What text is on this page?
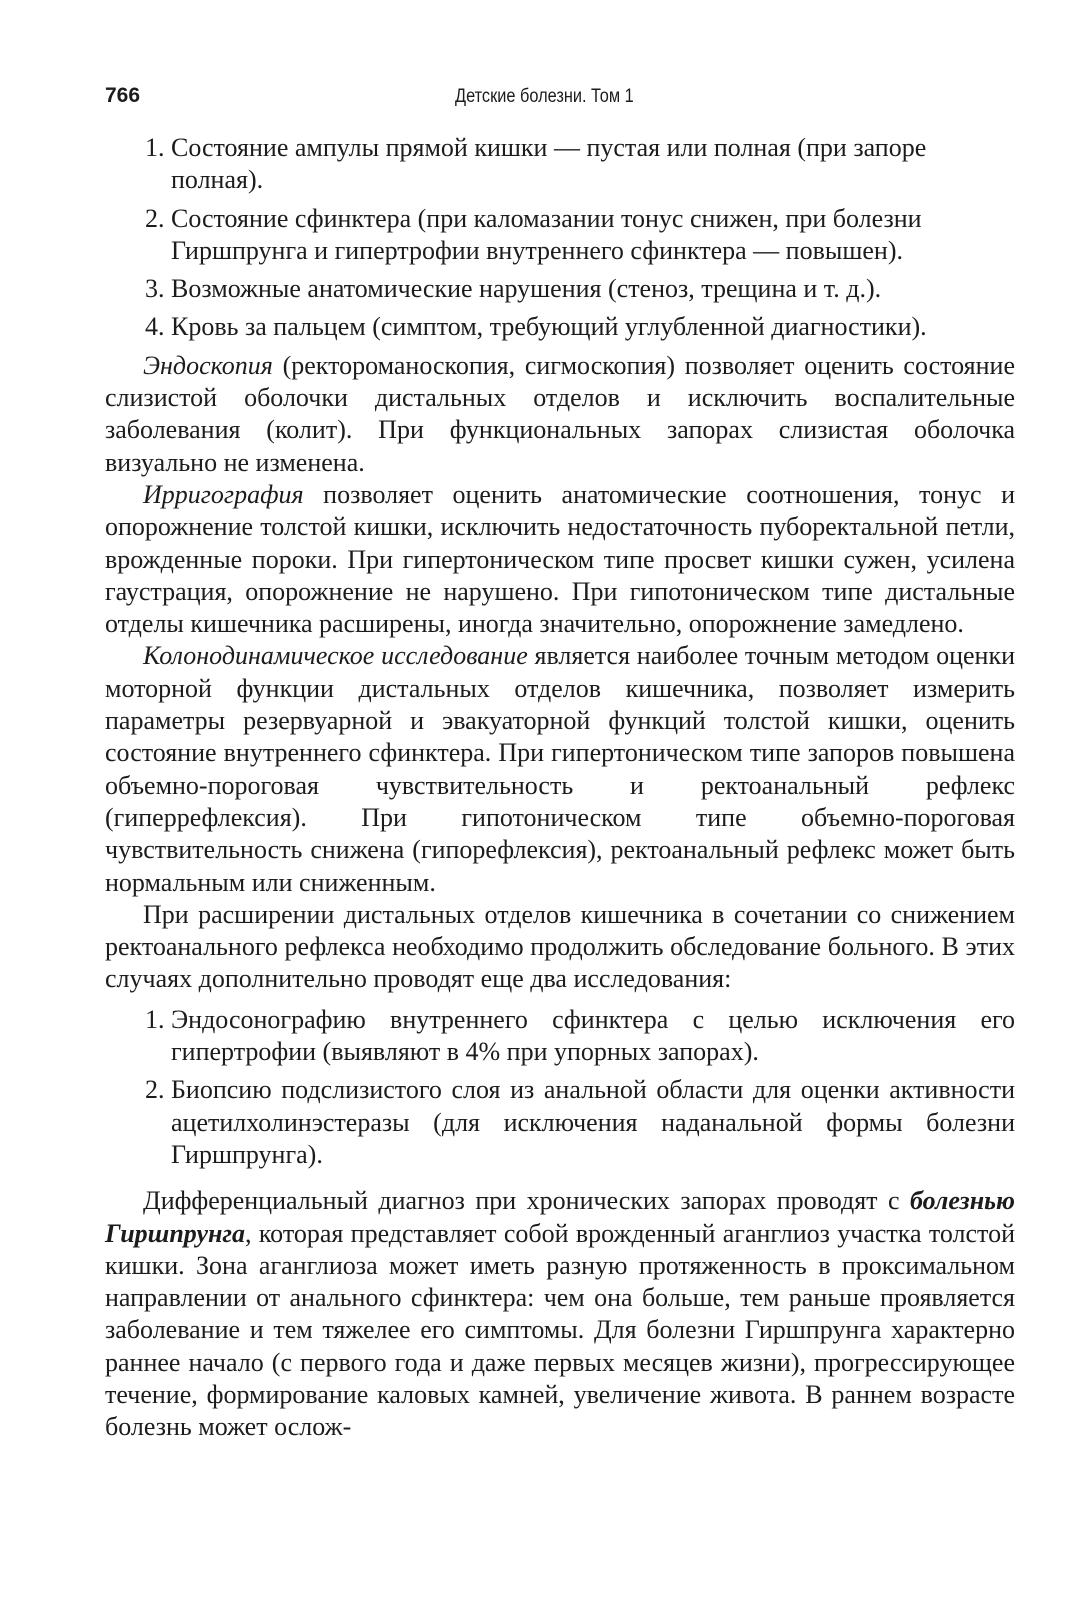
766	Детские болезни. Том 1
1. Состояние ампулы прямой кишки — пустая или полная (при запоре полная).
2. Состояние сфинктера (при каломазании тонус снижен, при болезни Гиршпрунга и гипертрофии внутреннего сфинктера — повышен).
3. Возможные анатомические нарушения (стеноз, трещина и т. д.).
4. Кровь за пальцем (симптом, требующий углубленной диагностики).

Эндоскопия (ректороманоскопия, сигмоскопия) позволяет оценить состояние слизистой оболочки дистальных отделов и исключить воспалительные заболевания (колит). При функциональных запорах слизистая оболочка визуально не изменена.

Ирригография позволяет оценить анатомические соотношения, тонус и опорожнение толстой кишки, исключить недостаточность пуборектальной петли, врожденные пороки. При гипертоническом типе просвет кишки сужен, усилена гаустрация, опорожнение не нарушено. При гипотоническом типе дистальные отделы кишечника расширены, иногда значительно, опорожнение замедлено.

Колонодинамическое исследование является наиболее точным методом оценки моторной функции дистальных отделов кишечника, позволяет измерить параметры резервуарной и эвакуаторной функций толстой кишки, оценить состояние внутреннего сфинктера. При гипертоническом типе запоров повышена объемно-пороговая чувствительность и ректоанальный рефлекс (гиперрефлексия). При гипотоническом типе объемно-пороговая чувствительность снижена (гипорефлексия), ректоанальный рефлекс может быть нормальным или сниженным.

При расширении дистальных отделов кишечника в сочетании со снижением ректоанального рефлекса необходимо продолжить обследование больного. В этих случаях дополнительно проводят еще два исследования:

1. Эндосонографию внутреннего сфинктера с целью исключения его гипертрофии (выявляют в 4% при упорных запорах).
2. Биопсию подслизистого слоя из анальной области для оценки активности ацетилхолинэстеразы (для исключения наданальной формы болезни Гиршпрунга).

Дифференциальный диагноз при хронических запорах проводят с болезнью Гиршпрунга, которая представляет собой врожденный аганглиоз участка толстой кишки. Зона аганглиоза может иметь разную протяженность в проксимальном направлении от анального сфинктера: чем она больше, тем раньше проявляется заболевание и тем тяжелее его симптомы. Для болезни Гиршпрунга характерно раннее начало (с первого года и даже первых месяцев жизни), прогрессирующее течение, формирование каловых камней, увеличение живота. В раннем возрасте болезнь может ослож-
